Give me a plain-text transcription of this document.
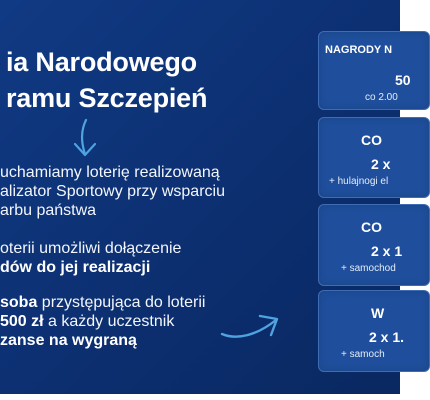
ia Narodowego
ramu Szczepień
uchamiamy loterię realizowaną
alizator Sportowy przy wsparciu
arbu państwa
oterii umożliwi dołączenie
dów do jej realizacji
soba przystępująca do loterii
500 zł a każdy uczestnik
zanse na wygraną
NAGRODY N
50
co 2.00
CO
2 x
+ hulajnogi el
CO
2 x 1
+ samochod
W
2 x 1.
+ samoch
